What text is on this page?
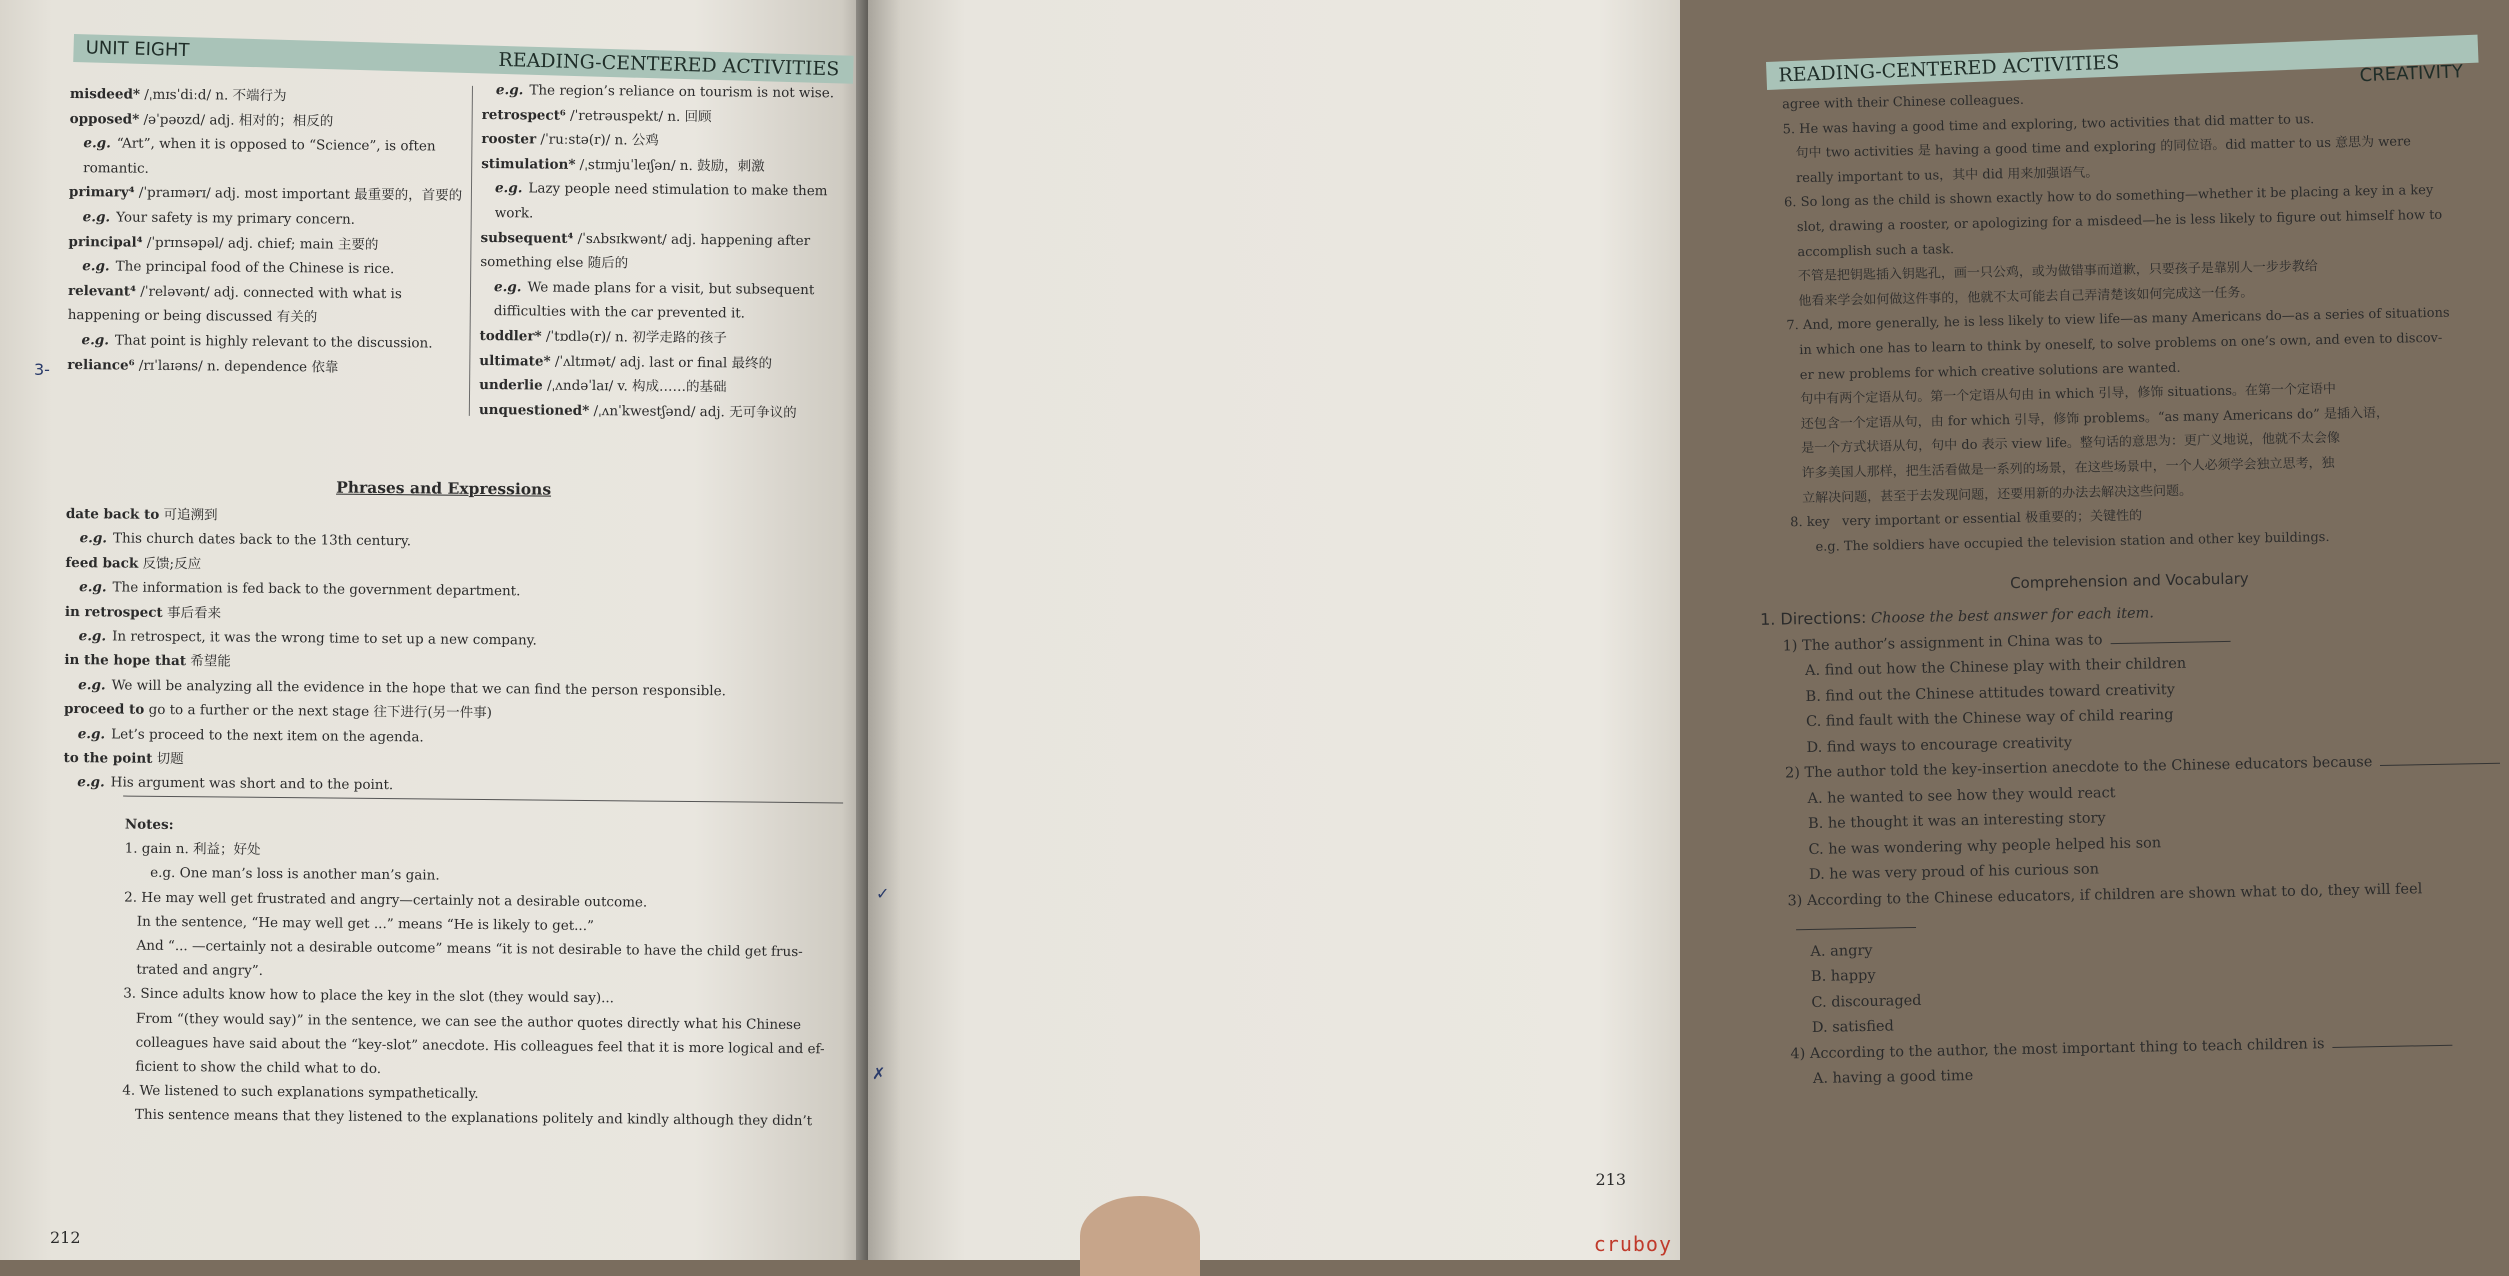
UNIT EIGHT	READING-CENTERED ACTIVITIES
misdeed* /ˌmɪsˈdiːd/ n. 不端行为
opposed* /əˈpəʊzd/ adj. 相对的；相反的
e.g. “Art”, when it is opposed to “Science”, is often romantic.
primary⁴ /ˈpraɪmərɪ/ adj. most important 最重要的，首要的
e.g. Your safety is my primary concern.
principal⁴ /ˈprɪnsəpəl/ adj. chief; main 主要的
e.g. The principal food of the Chinese is rice.
relevant⁴ /ˈreləvənt/ adj. connected with what is happening or being discussed 有关的
e.g. That point is highly relevant to the discussion.
reliance⁶ /rɪˈlaɪəns/ n. dependence 依靠
e.g. The region’s reliance on tourism is not wise.
retrospect⁶ /ˈretrəuspekt/ n. 回顾
rooster /ˈruːstə(r)/ n. 公鸡
stimulation* /ˌstɪmjuˈleɪʃən/ n. 鼓励，刺激
e.g. Lazy people need stimulation to make them work.
subsequent⁴ /ˈsʌbsɪkwənt/ adj. happening after something else 随后的
e.g. We made plans for a visit, but subsequent difficulties with the car prevented it.
toddler* /ˈtɒdlə(r)/ n. 初学走路的孩子
ultimate* /ˈʌltɪmət/ adj. last or final 最终的
underlie /ˌʌndəˈlaɪ/ v. 构成……的基础
unquestioned* /ˌʌnˈkwestʃənd/ adj. 无可争议的
Phrases and Expressions
date back to 可追溯到
e.g. This church dates back to the 13th century.
feed back 反馈;反应
e.g. The information is fed back to the government department.
in retrospect 事后看来
e.g. In retrospect, it was the wrong time to set up a new company.
in the hope that 希望能
e.g. We will be analyzing all the evidence in the hope that we can find the person responsible.
proceed to go to a further or the next stage 往下进行(另一件事)
e.g. Let’s proceed to the next item on the agenda.
to the point 切题
e.g. His argument was short and to the point.
Notes:
1. gain n. 利益；好处
e.g. One man’s loss is another man’s gain.
2. He may well get frustrated and angry—certainly not a desirable outcome.
In the sentence, “He may well get ...” means “He is likely to get...”
And “... —certainly not a desirable outcome” means “it is not desirable to have the child get frus-
trated and angry”.
3. Since adults know how to place the key in the slot (they would say)...
From “(they would say)” in the sentence, we can see the author quotes directly what his Chinese
colleagues have said about the “key-slot” anecdote. His colleagues feel that it is more logical and ef-
ficient to show the child what to do.
4. We listened to such explanations sympathetically.
This sentence means that they listened to the explanations politely and kindly although they didn’t
212
3-
READING-CENTERED ACTIVITIES	CREATIVITY
agree with their Chinese colleagues.
5. He was having a good time and exploring, two activities that did matter to us.
句中 two activities 是 having a good time and exploring 的同位语。did matter to us 意思为 were
really important to us，其中 did 用来加强语气。
6. So long as the child is shown exactly how to do something—whether it be placing a key in a key
slot, drawing a rooster, or apologizing for a misdeed—he is less likely to figure out himself how to
accomplish such a task.
不管是把钥匙插入钥匙孔，画一只公鸡，或为做错事而道歉，只要孩子是靠别人一步步教给
他看来学会如何做这件事的，他就不太可能去自己弄清楚该如何完成这一任务。
7. And, more generally, he is less likely to view life—as many Americans do—as a series of situations
in which one has to learn to think by oneself, to solve problems on one’s own, and even to discov-
er new problems for which creative solutions are wanted.
句中有两个定语从句。第一个定语从句由 in which 引导，修饰 situations。在第一个定语中
还包含一个定语从句，由 for which 引导，修饰 problems。“as many Americans do” 是插入语，
是一个方式状语从句，句中 do 表示 view life。整句话的意思为：更广义地说，他就不太会像
许多美国人那样，把生活看做是一系列的场景，在这些场景中，一个人必须学会独立思考，独
立解决问题，甚至于去发现问题，还要用新的办法去解决这些问题。
8. key   very important or essential 极重要的；关键性的
e.g. The soldiers have occupied the television station and other key buildings.
Comprehension and Vocabulary
1. Directions: Choose the best answer for each item.
1) The author’s assignment in China was to
A. find out how the Chinese play with their children
B. find out the Chinese attitudes toward creativity
C. find fault with the Chinese way of child rearing
D. find ways to encourage creativity
2) The author told the key-insertion anecdote to the Chinese educators because
A. he wanted to see how they would react
B. he thought it was an interesting story
C. he was wondering why people helped his son
D. he was very proud of his curious son
3) According to the Chinese educators, if children are shown what to do, they will feel
A. angry
B. happy
C. discouraged
D. satisfied
4) According to the author, the most important thing to teach children is
A. having a good time
213
✓
✗
cruboy
